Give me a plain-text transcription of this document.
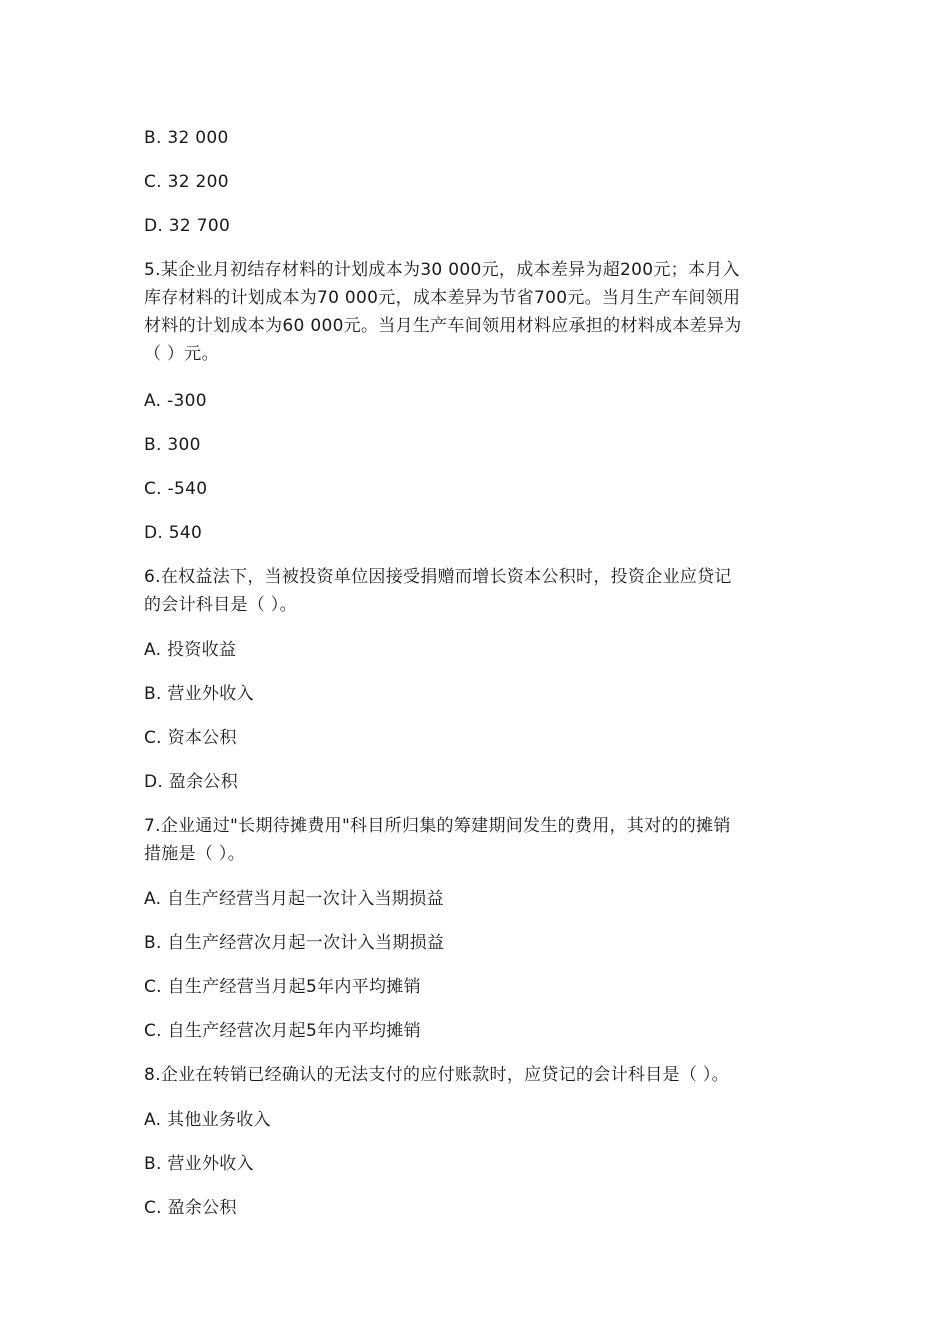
B. 32 000
C. 32 200
D. 32 700
5.某企业月初结存材料的计划成本为30 000元，成本差异为超200元；本月入
库存材料的计划成本为70 000元，成本差异为节省700元。当月生产车间领用
材料的计划成本为60 000元。当月生产车间领用材料应承担的材料成本差异为
（ ）元。
A. -300
B. 300
C. -540
D. 540
6.在权益法下，当被投资单位因接受捐赠而增长资本公积时，投资企业应贷记
的会计科目是（ ）。
A. 投资收益
B. 营业外收入
C. 资本公积
D. 盈余公积
7.企业通过"长期待摊费用"科目所归集的筹建期间发生的费用，其对的的摊销
措施是（ ）。
A. 自生产经营当月起一次计入当期损益
B. 自生产经营次月起一次计入当期损益
C. 自生产经营当月起5年内平均摊销
C. 自生产经营次月起5年内平均摊销
8.企业在转销已经确认的无法支付的应付账款时，应贷记的会计科目是（ ）。
A. 其他业务收入
B. 营业外收入
C. 盈余公积
